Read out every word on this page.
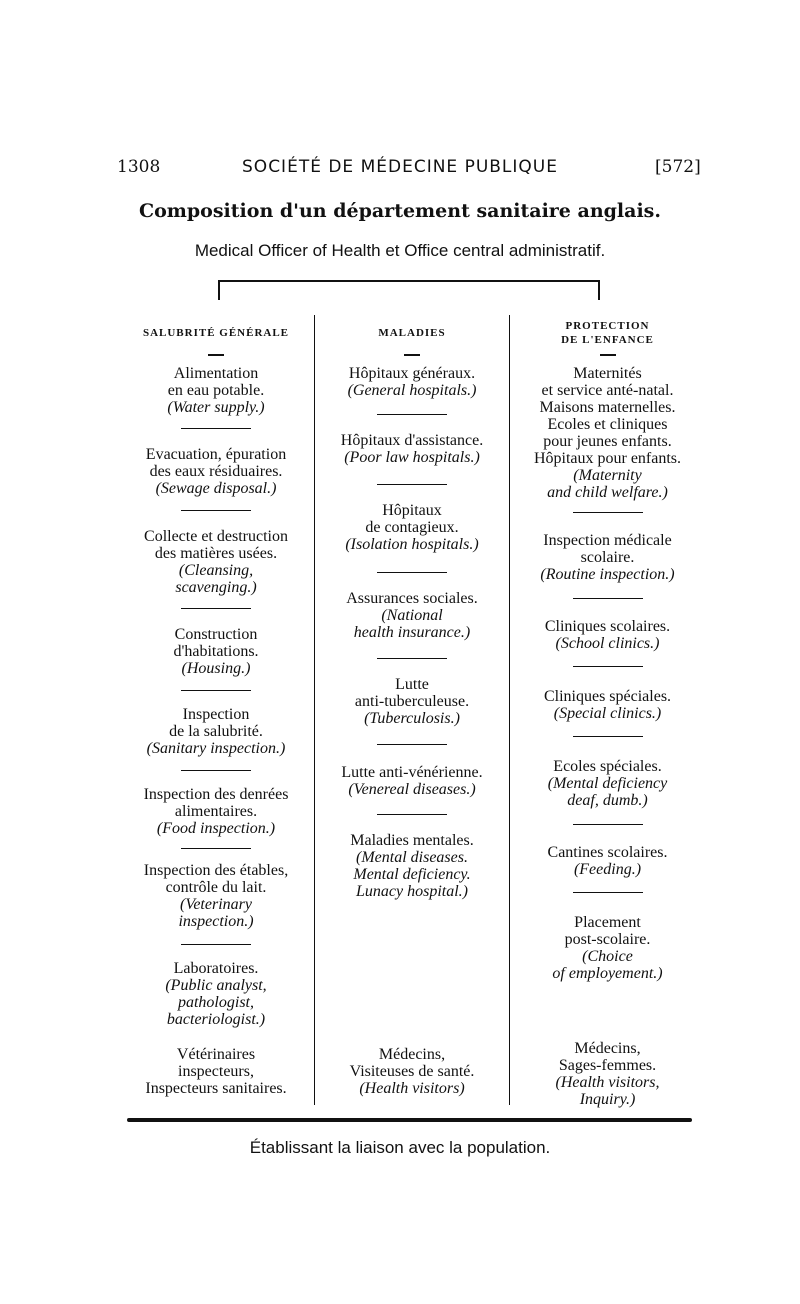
1308	SOCIÉTÉ DE MÉDECINE PUBLIQUE	[572]
Composition d'un département sanitaire anglais.
Medical Officer of Health et Office central administratif.
SALUBRITÉ GÉNÉRALE
Alimentation
en eau potable.
(Water supply.)
Evacuation, épuration
des eaux résiduaires.
(Sewage disposal.)
Collecte et destruction
des matières usées.
(Cleansing,
scavenging.)
Construction
d'habitations.
(Housing.)
Inspection
de la salubrité.
(Sanitary inspection.)
Inspection des denrées
alimentaires.
(Food inspection.)
Inspection des étables,
contrôle du lait.
(Veterinary
inspection.)
Laboratoires.
(Public analyst,
pathologist,
bacteriologist.)
Vétérinaires
inspecteurs,
Inspecteurs sanitaires.
MALADIES
Hôpitaux généraux.
(General hospitals.)
Hôpitaux d'assistance.
(Poor law hospitals.)
Hôpitaux
de contagieux.
(Isolation hospitals.)
Assurances sociales.
(National
health insurance.)
Lutte
anti-tuberculeuse.
(Tuberculosis.)
Lutte anti-vénérienne.
(Venereal diseases.)
Maladies mentales.
(Mental diseases.
Mental deficiency.
Lunacy hospital.)
Médecins,
Visiteuses de santé.
(Health visitors)
PROTECTION
DE L'ENFANCE
Maternités
et service anté-natal.
Maisons maternelles.
Ecoles et cliniques
pour jeunes enfants.
Hôpitaux pour enfants.
(Maternity
and child welfare.)
Inspection médicale
scolaire.
(Routine inspection.)
Cliniques scolaires.
(School clinics.)
Cliniques spéciales.
(Special clinics.)
Ecoles spéciales.
(Mental deficiency
deaf, dumb.)
Cantines scolaires.
(Feeding.)
Placement
post-scolaire.
(Choice
of employement.)
Médecins,
Sages-femmes.
(Health visitors,
Inquiry.)
Établissant la liaison avec la population.
